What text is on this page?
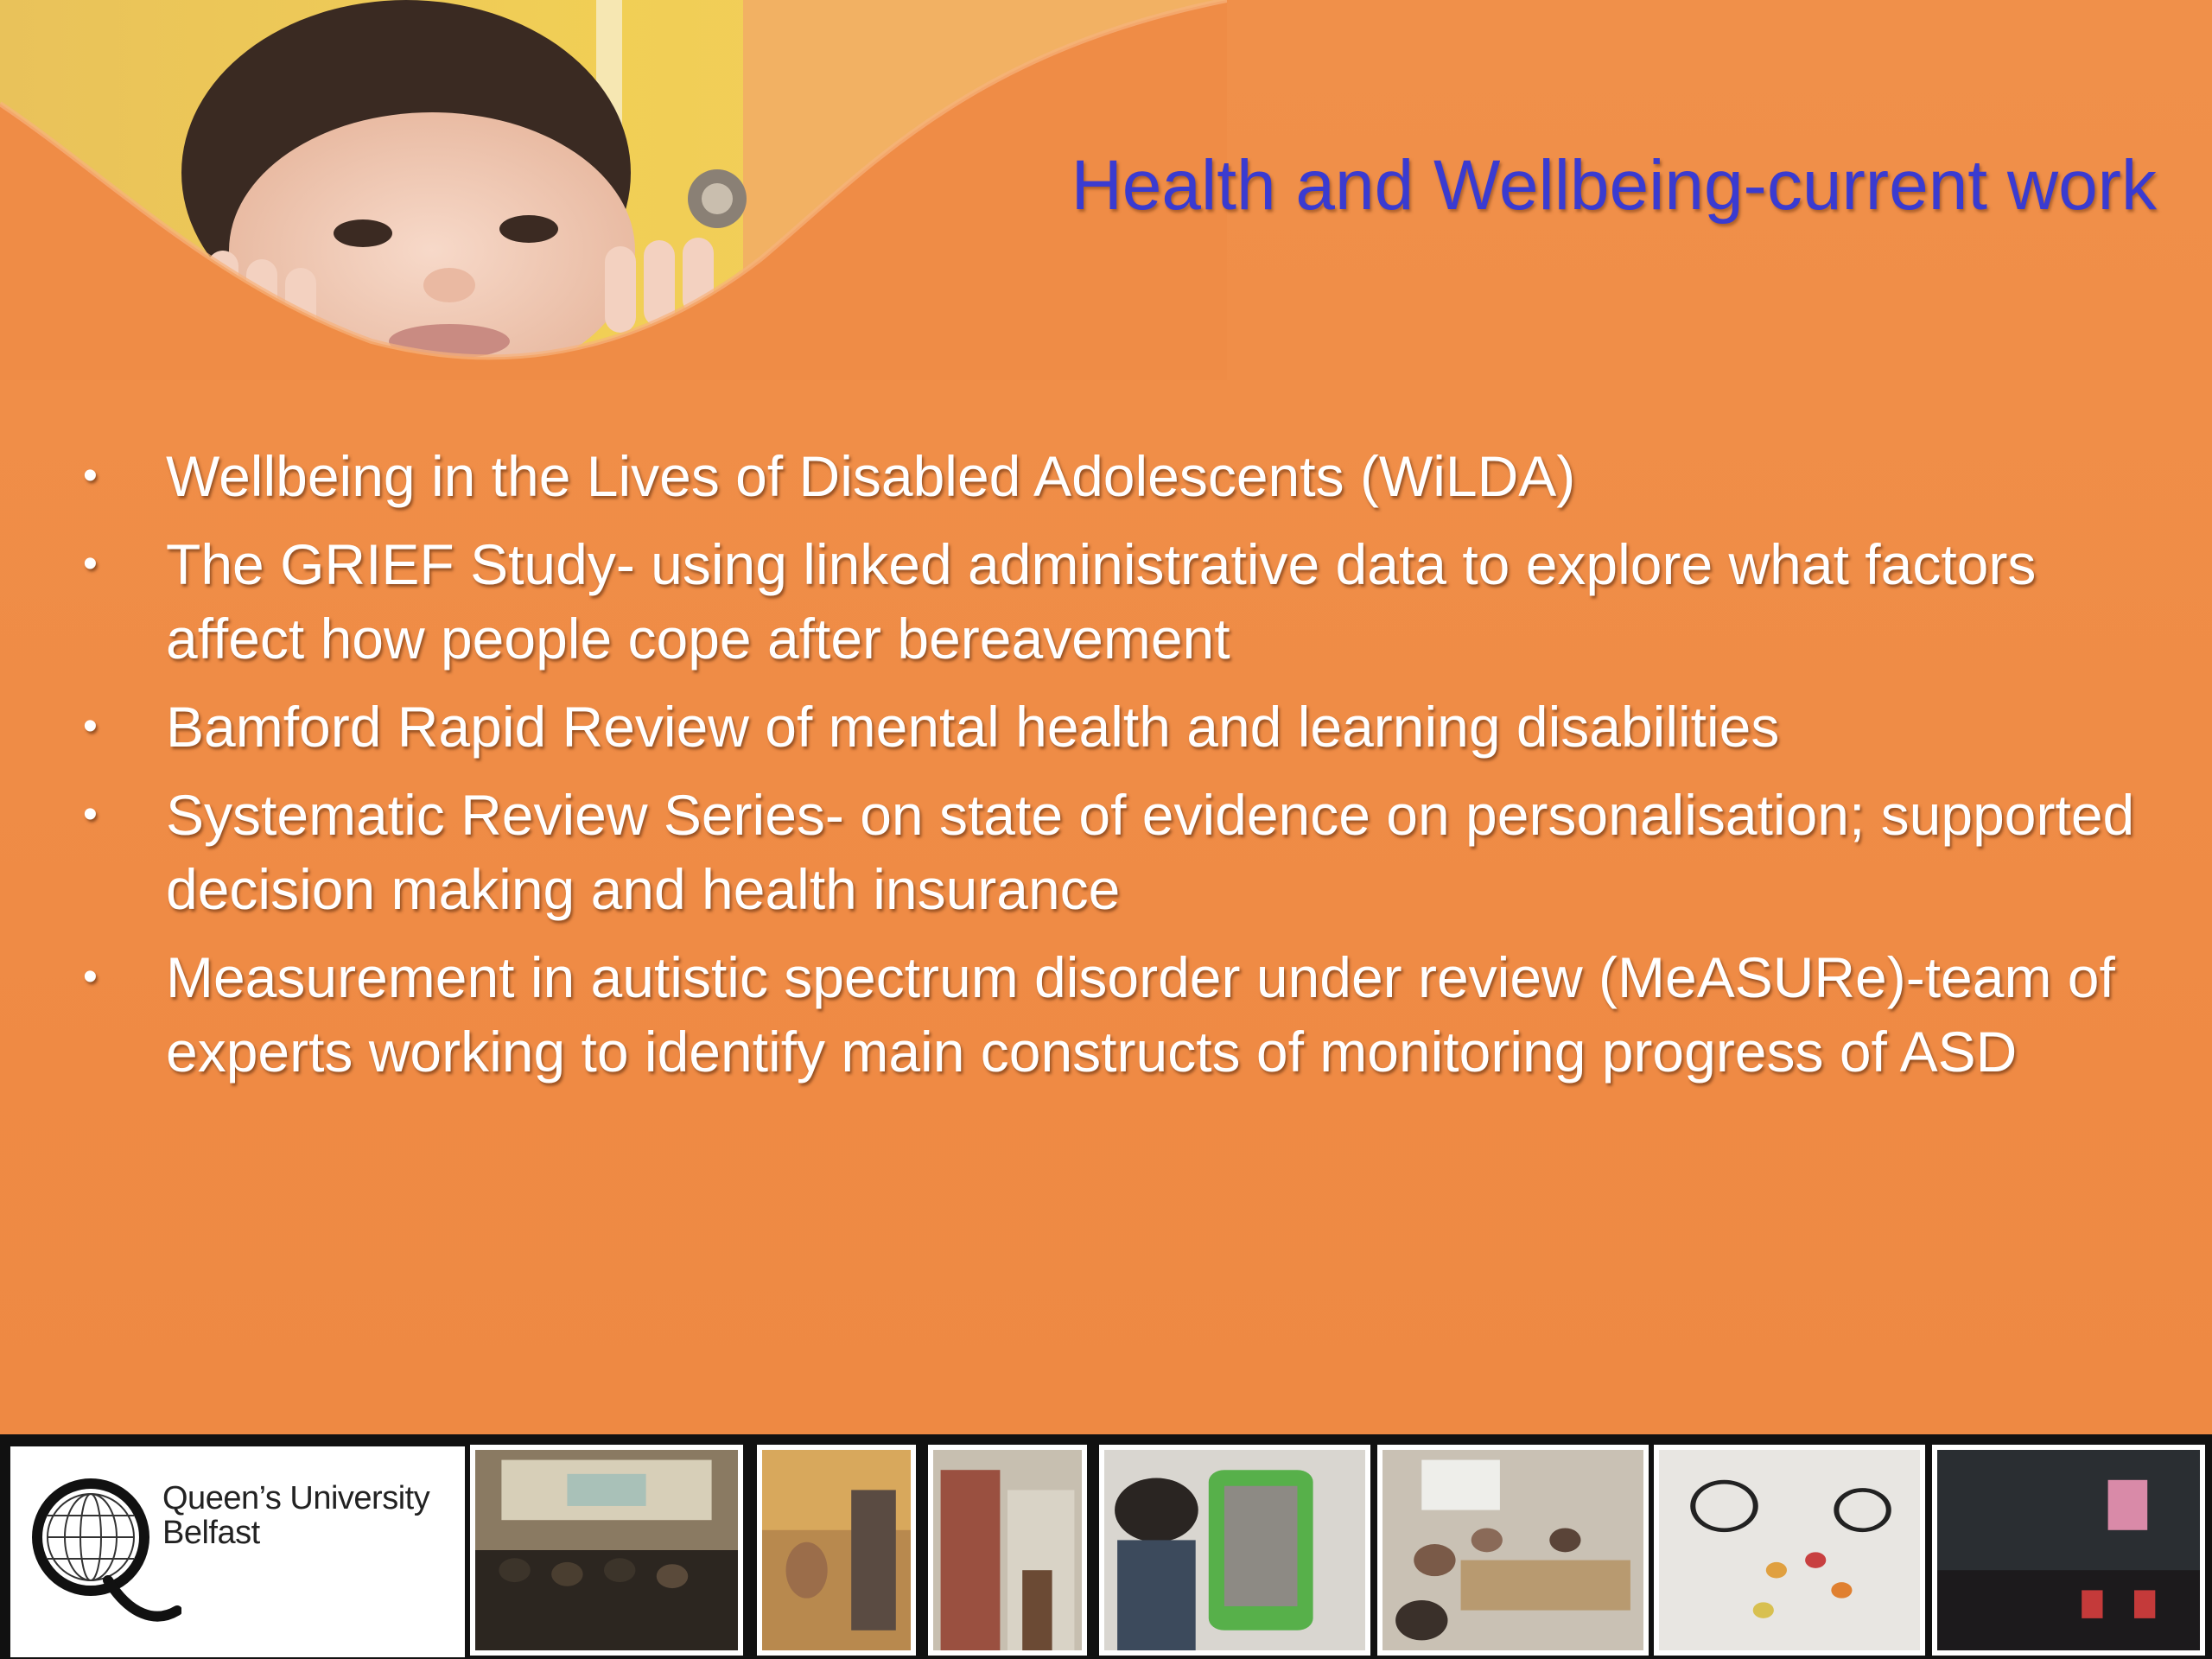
Health and Wellbeing-current work
• Wellbeing in the Lives of Disabled Adolescents (WiLDA)
• The GRIEF Study- using linked administrative data to explore what factors affect how people cope after bereavement
• Bamford Rapid Review of mental health and learning disabilities
• Systematic Review Series- on state of evidence on personalisation; supported decision making and health insurance
• Measurement in autistic spectrum disorder under review (MeASURe)-team of experts working to identify main constructs of monitoring progress of ASD
Queen’s University
Belfast
